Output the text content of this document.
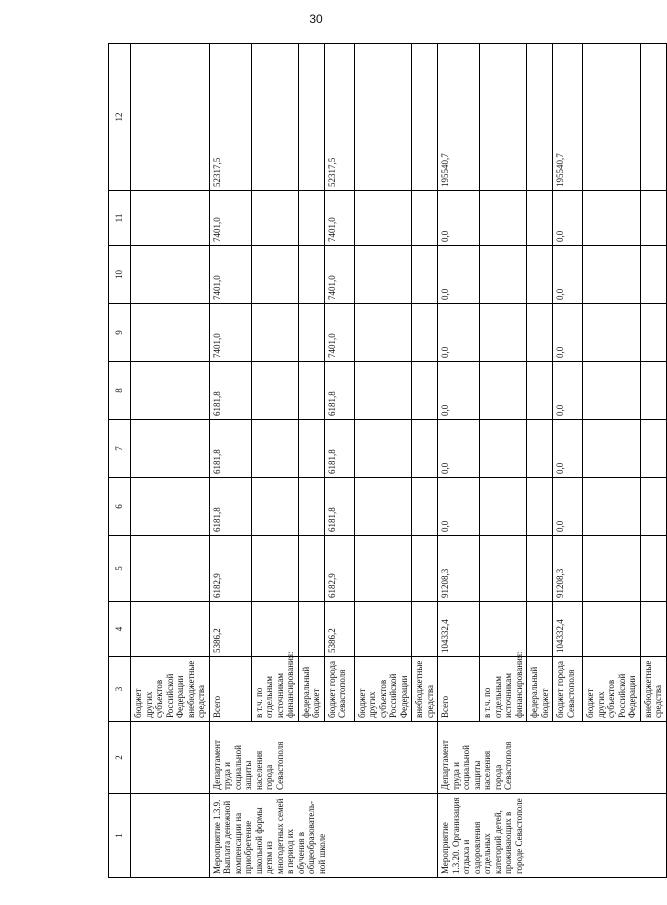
30
1	2	3	4	5	6	7	8	9	10	11	12
		бюджет других субъектов Российской Федерации внебюджетные средства									
Мероприятие 1.3.9. Выплата денежной компенсации на приобретение школьной формы детям из многодетных семей в период их обучения в общеобразователь-ной школе	Департамент труда и социальной защиты населения города Севастополя	Всего	5386,2	6182,9	6181,8	6181,8	6181,8	7401,0	7401,0	7401,0	52317,5
		в т.ч. по отдельным источникам финансирования:									
		федеральный бюджет									
		бюджет города Севастополя	5386,2	6182,9	6181,8	6181,8	6181,8	7401,0	7401,0	7401,0	52317,5
		бюджет других субъектов Российской Федерации									
		внебюджетные средства									
Мероприятие 1.3.20. Организация отдыха и оздоровления отдельных категорий детей, проживающих в городе Севастополе	Департамент труда и социальной защиты населения города Севастополя	Всего	104332,4	91208,3	0,0	0,0	0,0	0,0	0,0	0,0	195540,7
		в т.ч. по отдельным источникам финансирования:									
		федеральный бюджет									
		бюджет города Севастополя	104332,4	91208,3	0,0	0,0	0,0	0,0	0,0	0,0	195540,7
		бюджет других субъектов Российской Федерации									
		внебюджетные средства									
